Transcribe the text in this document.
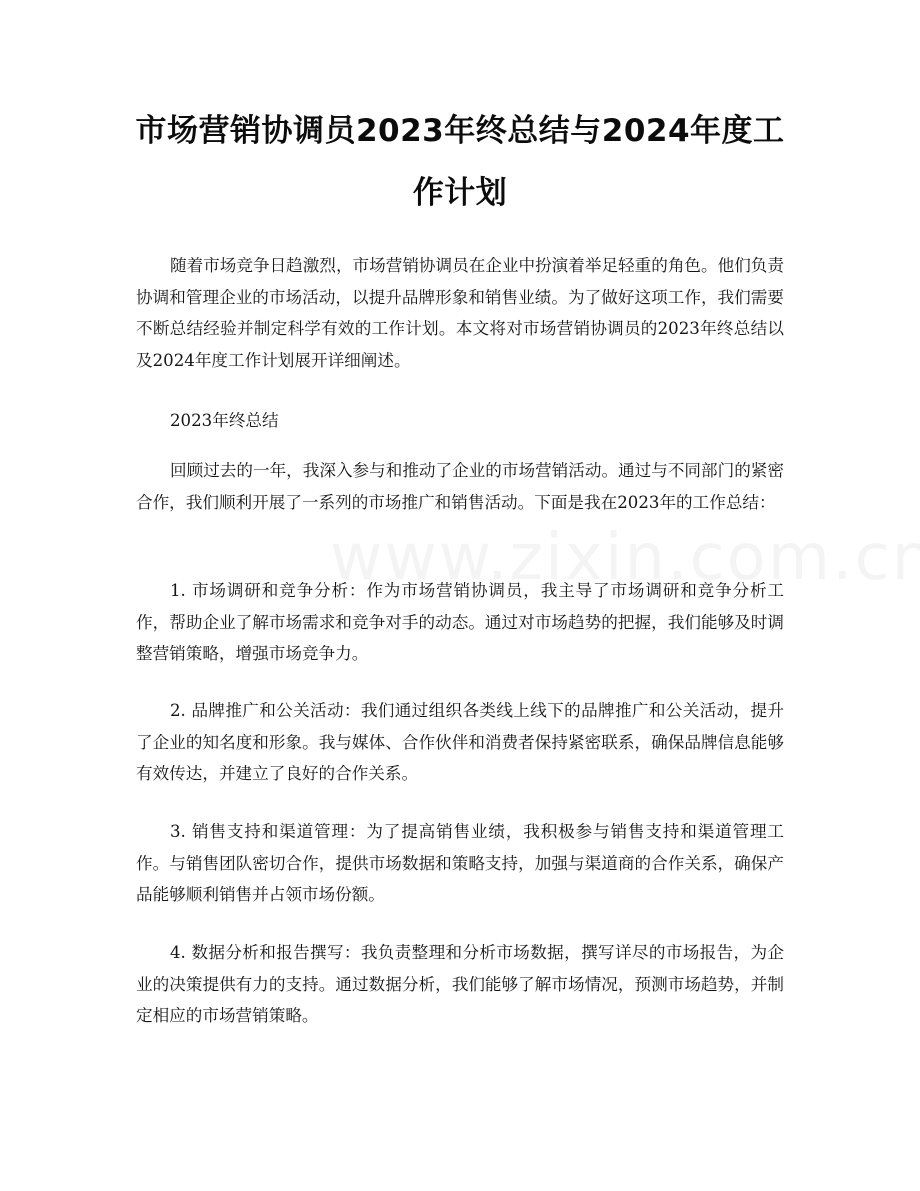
市场营销协调员2023年终总结与2024年度工作计划

随着市场竞争日趋激烈，市场营销协调员在企业中扮演着举足轻重的角色。他们负责协调和管理企业的市场活动，以提升品牌形象和销售业绩。为了做好这项工作，我们需要不断总结经验并制定科学有效的工作计划。本文将对市场营销协调员的2023年终总结以及2024年度工作计划展开详细阐述。

2023年终总结

回顾过去的一年，我深入参与和推动了企业的市场营销活动。通过与不同部门的紧密合作，我们顺利开展了一系列的市场推广和销售活动。下面是我在2023年的工作总结：

1. 市场调研和竞争分析：作为市场营销协调员，我主导了市场调研和竞争分析工作，帮助企业了解市场需求和竞争对手的动态。通过对市场趋势的把握，我们能够及时调整营销策略，增强市场竞争力。

2. 品牌推广和公关活动：我们通过组织各类线上线下的品牌推广和公关活动，提升了企业的知名度和形象。我与媒体、合作伙伴和消费者保持紧密联系，确保品牌信息能够有效传达，并建立了良好的合作关系。

3. 销售支持和渠道管理：为了提高销售业绩，我积极参与销售支持和渠道管理工作。与销售团队密切合作，提供市场数据和策略支持，加强与渠道商的合作关系，确保产品能够顺利销售并占领市场份额。

4. 数据分析和报告撰写：我负责整理和分析市场数据，撰写详尽的市场报告，为企业的决策提供有力的支持。通过数据分析，我们能够了解市场情况，预测市场趋势，并制定相应的市场营销策略。
